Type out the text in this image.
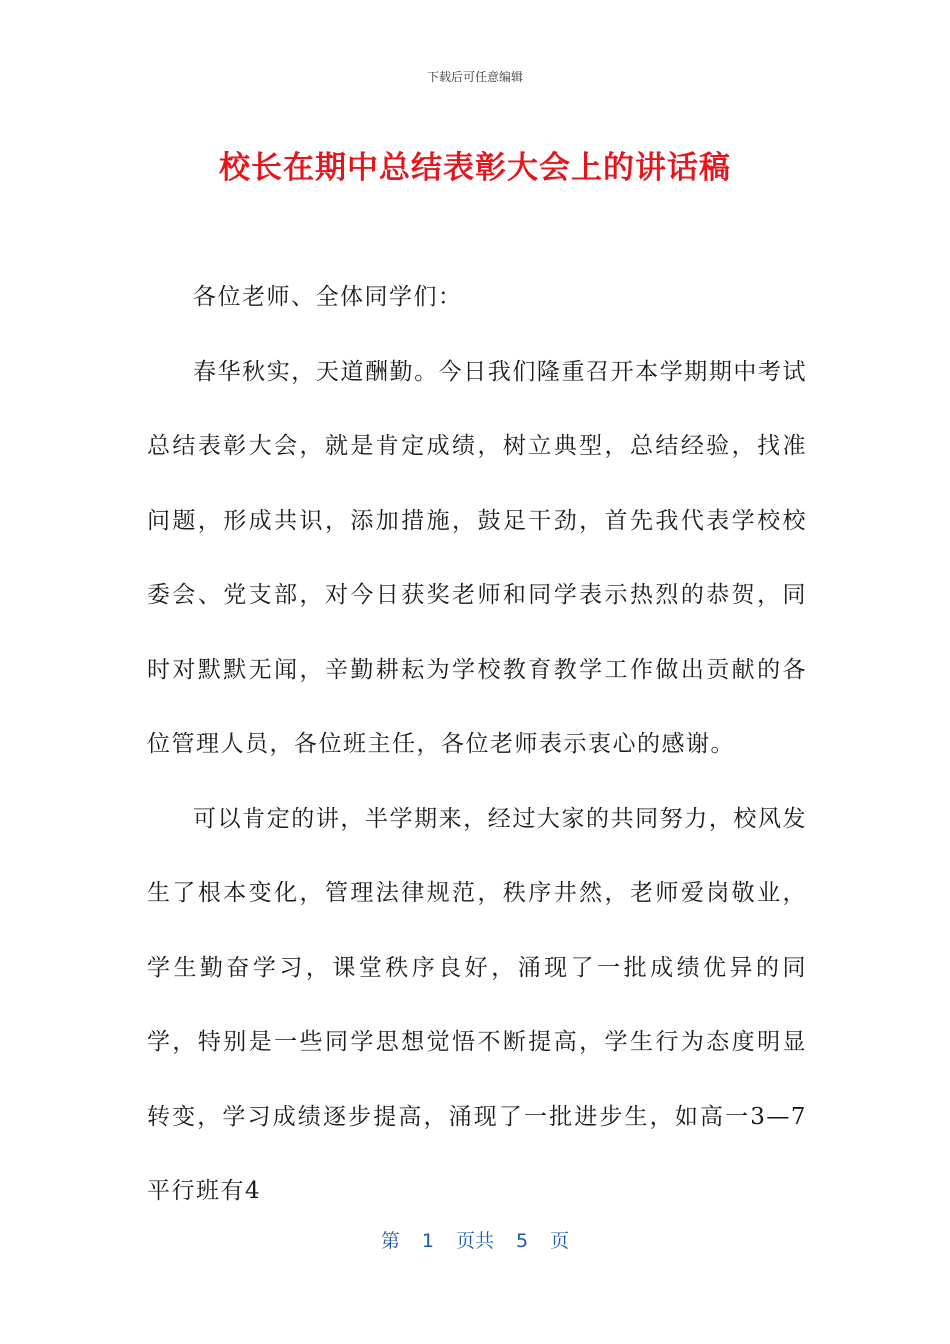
下载后可任意编辑
校长在期中总结表彰大会上的讲话稿

各位老师、全体同学们：

春华秋实，天道酬勤。今日我们隆重召开本学期期中考试总结表彰大会，就是肯定成绩，树立典型，总结经验，找准问题，形成共识，添加措施，鼓足干劲，首先我代表学校校委会、党支部，对今日获奖老师和同学表示热烈的恭贺，同时对默默无闻，辛勤耕耘为学校教育教学工作做出贡献的各位管理人员，各位班主任，各位老师表示衷心的感谢。

可以肯定的讲，半学期来，经过大家的共同努力，校风发生了根本变化，管理法律规范，秩序井然，老师爱岗敬业，学生勤奋学习，课堂秩序良好，涌现了一批成绩优异的同学，特别是一些同学思想觉悟不断提高，学生行为态度明显转变，学习成绩逐步提高，涌现了一批进步生，如高一3—7平行班有4

第 1 页共 5 页
